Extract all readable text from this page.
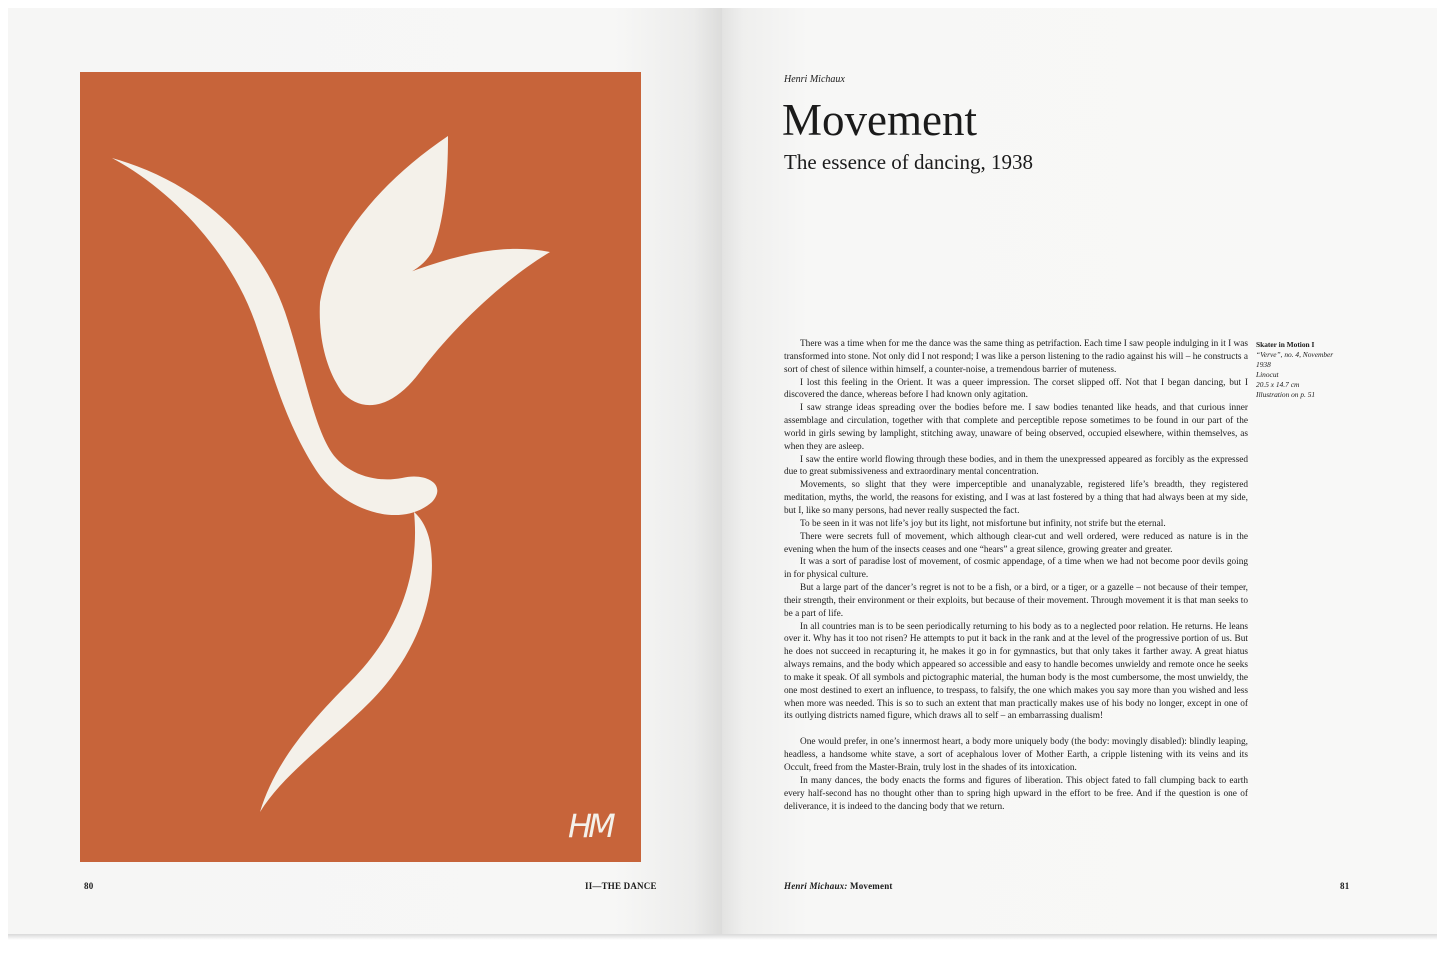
HM
80	II—THE DANCE
Henri Michaux
Movement
The essence of dancing, 1938

There was a time when for me the dance was the same thing as petrifaction. Each time I saw people indulging in it I was transformed into stone. Not only did I not respond; I was like a person listening to the radio against his will – he constructs a sort of chest of silence within himself, a counter-noise, a tremendous barrier of muteness.

I lost this feeling in the Orient. It was a queer impression. The corset slipped off. Not that I began dancing, but I discovered the dance, whereas before I had known only agitation.

I saw strange ideas spreading over the bodies before me. I saw bodies tenanted like heads, and that curious inner assemblage and circulation, together with that complete and perceptible repose sometimes to be found in our part of the world in girls sewing by lamplight, stitching away, unaware of being observed, occupied elsewhere, within themselves, as when they are asleep.

I saw the entire world flowing through these bodies, and in them the unexpressed appeared as forcibly as the expressed due to great submissiveness and extraordinary mental concentration.

Movements, so slight that they were imperceptible and unanalyzable, registered life’s breadth, they registered meditation, myths, the world, the reasons for existing, and I was at last fostered by a thing that had always been at my side, but I, like so many persons, had never really suspected the fact.

To be seen in it was not life’s joy but its light, not misfortune but infinity, not strife but the eternal.

There were secrets full of movement, which although clear-cut and well ordered, were reduced as nature is in the evening when the hum of the insects ceases and one “hears” a great silence, growing greater and greater.

It was a sort of paradise lost of movement, of cosmic appendage, of a time when we had not become poor devils going in for physical culture.

But a large part of the dancer’s regret is not to be a fish, or a bird, or a tiger, or a gazelle – not because of their temper, their strength, their environment or their exploits, but because of their movement. Through movement it is that man seeks to be a part of life.

In all countries man is to be seen periodically returning to his body as to a neglected poor relation. He returns. He leans over it. Why has it too not risen? He attempts to put it back in the rank and at the level of the progressive portion of us. But he does not succeed in recapturing it, he makes it go in for gymnastics, but that only takes it farther away. A great hiatus always remains, and the body which appeared so accessible and easy to handle becomes unwieldy and remote once he seeks to make it speak. Of all symbols and pictographic material, the human body is the most cumbersome, the most unwieldy, the one most destined to exert an influence, to trespass, to falsify, the one which makes you say more than you wished and less when more was needed. This is so to such an extent that man practically makes use of his body no longer, except in one of its outlying districts named figure, which draws all to self – an embarrassing dualism!

One would prefer, in one’s innermost heart, a body more uniquely body (the body: movingly disabled): blindly leaping, headless, a handsome white stave, a sort of acephalous lover of Mother Earth, a cripple listening with its veins and its Occult, freed from the Master-Brain, truly lost in the shades of its intoxication.

In many dances, the body enacts the forms and figures of liberation. This object fated to fall clumping back to earth every half-second has no thought other than to spring high upward in the effort to be free. And if the question is one of deliverance, it is indeed to the dancing body that we return.

Skater in Motion I
“Verve”, no. 4, November 1938
Linocut
20.5 x 14.7 cm
Illustration on p. 51
Henri Michaux: Movement	81
